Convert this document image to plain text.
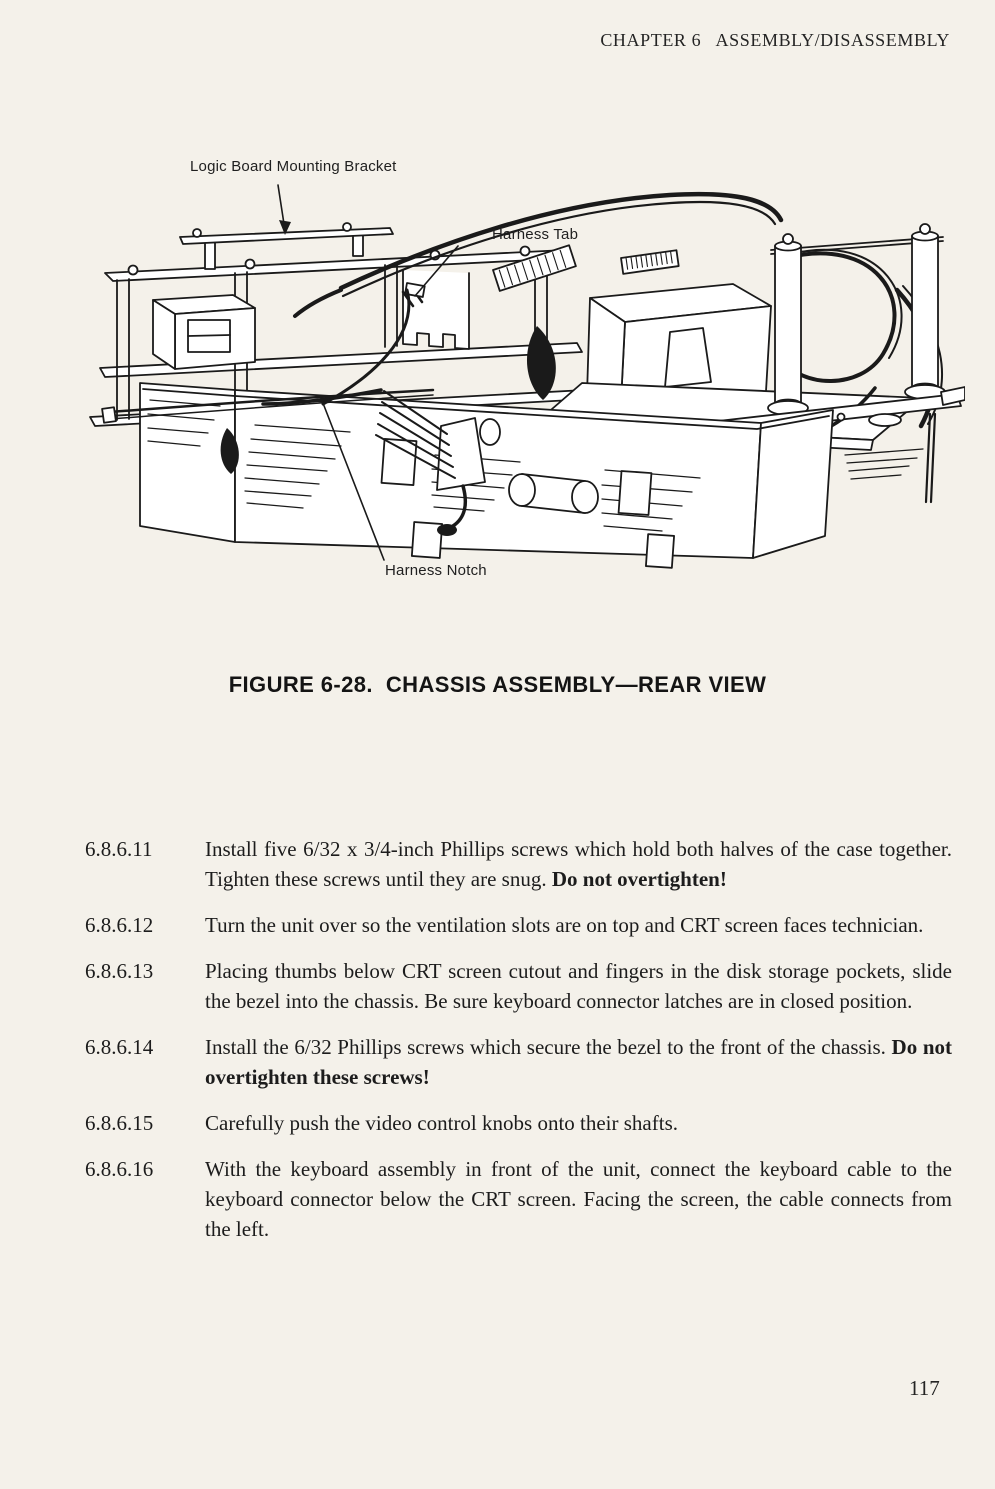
CHAPTER 6   ASSEMBLY/DISASSEMBLY
Logic Board Mounting Bracket
Harness Tab
Harness Notch
FIGURE 6-28.  CHASSIS ASSEMBLY—REAR VIEW
6.8.6.11	Install five 6/32 x 3/4-inch Phillips screws which hold both halves of the case together. Tighten these screws until they are snug. Do not overtighten!
6.8.6.12	Turn the unit over so the ventilation slots are on top and CRT screen faces technician.
6.8.6.13	Placing thumbs below CRT screen cutout and fingers in the disk storage pockets, slide the bezel into the chassis. Be sure keyboard connector latches are in closed position.
6.8.6.14	Install the 6/32 Phillips screws which secure the bezel to the front of the chassis. Do not overtighten these screws!
6.8.6.15	Carefully push the video control knobs onto their shafts.
6.8.6.16	With the keyboard assembly in front of the unit, connect the keyboard cable to the keyboard connector below the CRT screen. Facing the screen, the cable connects from the left.
117
